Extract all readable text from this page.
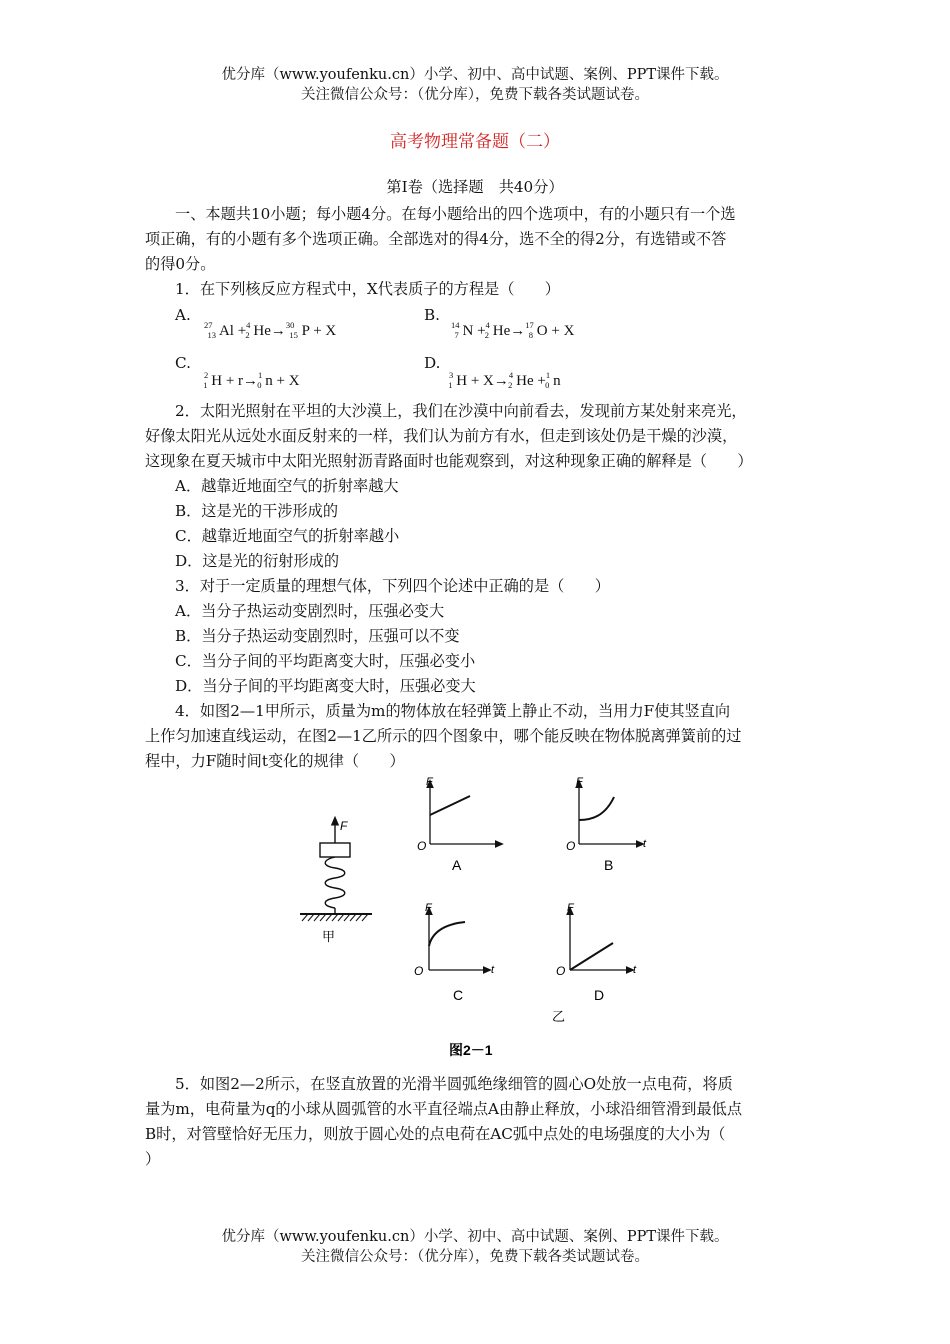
优分库（www.youfenku.cn）小学、初中、高中试题、案例、PPT课件下载。
关注微信公众号：（优分库），免费下载各类试题试卷。
高考物理常备题（二）
第Ⅰ卷（选择题　共40分）
一、本题共10小题；每小题4分。在每小题给出的四个选项中，有的小题只有一个选
项正确，有的小题有多个选项正确。全部选对的得4分，选不全的得2分，有选错或不答
的得0分。
1．在下列核反应方程式中，X代表质子的方程是（　　）
A.
$^{27}_{13}$ Al +$^4_2$ He→$^{30}_{15}$ P + X
B.
$^{14}_7$ N +$^4_2$ He→$^{17}_8$ O + X
C.
$^2_1$ H + r→$^1_0$ n + X
D.
$^3_1$ H + X→$^4_2$ He +$^1_0$ n
2．太阳光照射在平坦的大沙漠上，我们在沙漠中向前看去，发现前方某处射来亮光，
好像太阳光从远处水面反射来的一样，我们认为前方有水，但走到该处仍是干燥的沙漠，
这现象在夏天城市中太阳光照射沥青路面时也能观察到，对这种现象正确的解释是（　　）
A．越靠近地面空气的折射率越大
B．这是光的干涉形成的
C．越靠近地面空气的折射率越小
D．这是光的衍射形成的
3．对于一定质量的理想气体，下列四个论述中正确的是（　　）
A．当分子热运动变剧烈时，压强必变大
B．当分子热运动变剧烈时，压强可以不变
C．当分子间的平均距离变大时，压强必变小
D．当分子间的平均距离变大时，压强必变大
4．如图2—1甲所示，质量为m的物体放在轻弹簧上静止不动，当用力F使其竖直向
上作匀加速直线运动，在图2—1乙所示的四个图象中，哪个能反映在物体脱离弹簧前的过
程中，力F随时间t变化的规律（　　）
F
甲
F
O
A
F
t
O
B
F
t
O
C
F
t
O
D
乙
图2－1
5．如图2—2所示，在竖直放置的光滑半圆弧绝缘细管的圆心O处放一点电荷，将质
量为m，电荷量为q的小球从圆弧管的水平直径端点A由静止释放，小球沿细管滑到最低点
B时，对管壁恰好无压力，则放于圆心处的点电荷在AC弧中点处的电场强度的大小为（
）
优分库（www.youfenku.cn）小学、初中、高中试题、案例、PPT课件下载。
关注微信公众号：（优分库），免费下载各类试题试卷。
